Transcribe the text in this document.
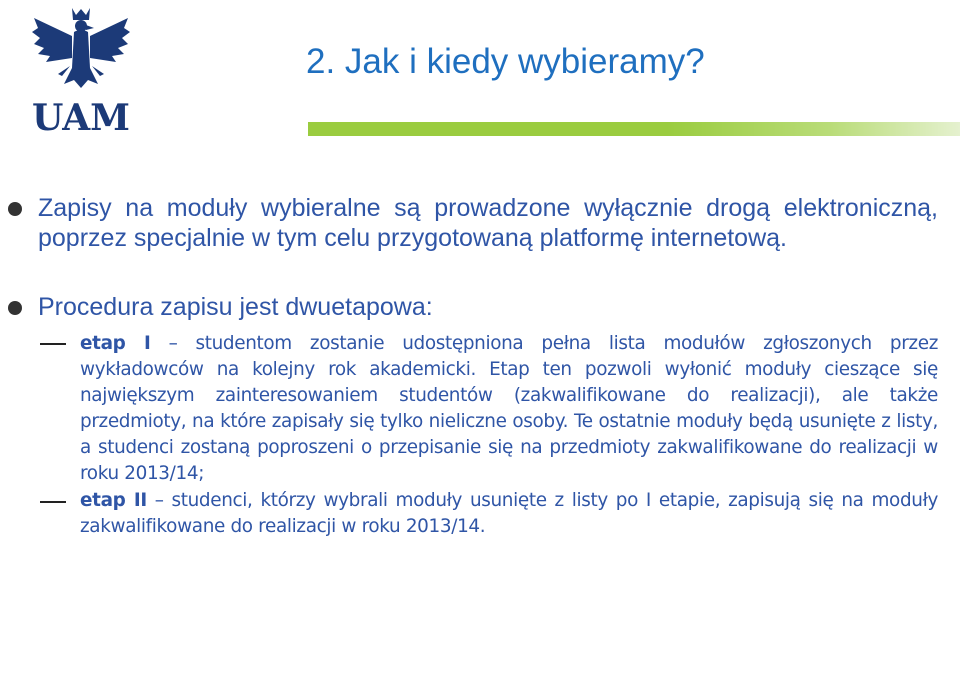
UAM
2. Jak i kiedy wybieramy?
Zapisy na moduły wybieralne są prowadzone wyłącznie drogą elektroniczną, poprzez specjalnie w tym celu przygotowaną platformę internetową.
Procedura zapisu jest dwuetapowa:
etap I – studentom zostanie udostępniona pełna lista modułów zgłoszonych przez wykładowców na kolejny rok akademicki. Etap ten pozwoli wyłonić moduły cieszące się największym zainteresowaniem studentów (zakwalifikowane do realizacji), ale także przedmioty, na które zapisały się tylko nieliczne osoby. Te ostatnie moduły będą usunięte z listy, a studenci zostaną poproszeni o przepisanie się na przedmioty zakwalifikowane do realizacji w roku 2013/14;
etap II – studenci, którzy wybrali moduły usunięte z listy po I etapie, zapisują się na moduły zakwalifikowane do realizacji w roku 2013/14.
